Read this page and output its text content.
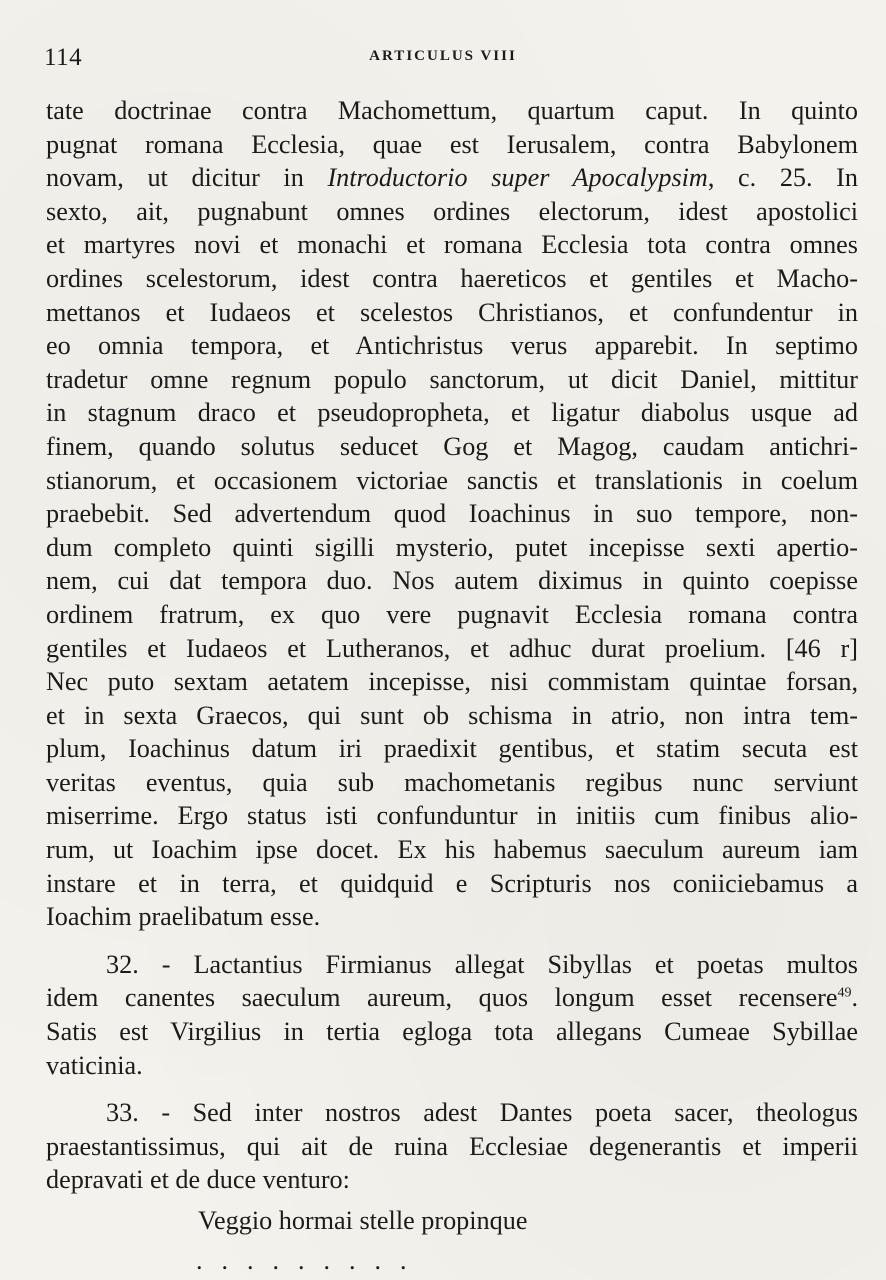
114	ARTICULUS VIII
tate doctrinae contra Machomettum, quartum caput. In quinto
pugnat romana Ecclesia, quae est Ierusalem, contra Babylonem
novam, ut dicitur in Introductorio super Apocalypsim, c. 25. In
sexto, ait, pugnabunt omnes ordines electorum, idest apostolici
et martyres novi et monachi et romana Ecclesia tota contra omnes
ordines scelestorum, idest contra haereticos et gentiles et Macho-
mettanos et Iudaeos et scelestos Christianos, et confundentur in
eo omnia tempora, et Antichristus verus apparebit. In septimo
tradetur omne regnum populo sanctorum, ut dicit Daniel, mittitur
in stagnum draco et pseudopropheta, et ligatur diabolus usque ad
finem, quando solutus seducet Gog et Magog, caudam antichri-
stianorum, et occasionem victoriae sanctis et translationis in coelum
praebebit. Sed advertendum quod Ioachinus in suo tempore, non-
dum completo quinti sigilli mysterio, putet incepisse sexti apertio-
nem, cui dat tempora duo. Nos autem diximus in quinto coepisse
ordinem fratrum, ex quo vere pugnavit Ecclesia romana contra
gentiles et Iudaeos et Lutheranos, et adhuc durat proelium. [46 r]
Nec puto sextam aetatem incepisse, nisi commistam quintae forsan,
et in sexta Graecos, qui sunt ob schisma in atrio, non intra tem-
plum, Ioachinus datum iri praedixit gentibus, et statim secuta est
veritas eventus, quia sub machometanis regibus nunc serviunt
miserrime. Ergo status isti confunduntur in initiis cum finibus alio-
rum, ut Ioachim ipse docet. Ex his habemus saeculum aureum iam
instare et in terra, et quidquid e Scripturis nos coniiciebamus a
Ioachim praelibatum esse.
32. - Lactantius Firmianus allegat Sibyllas et poetas multos
idem canentes saeculum aureum, quos longum esset recensere$^{49}$.
Satis est Virgilius in tertia egloga tota allegans Cumeae Sybillae
vaticinia.
33. - Sed inter nostros adest Dantes poeta sacer, theologus
praestantissimus, qui ait de ruina Ecclesiae degenerantis et imperii
depravati et de duce venturo:
Veggio hormai stelle propinque
.........
